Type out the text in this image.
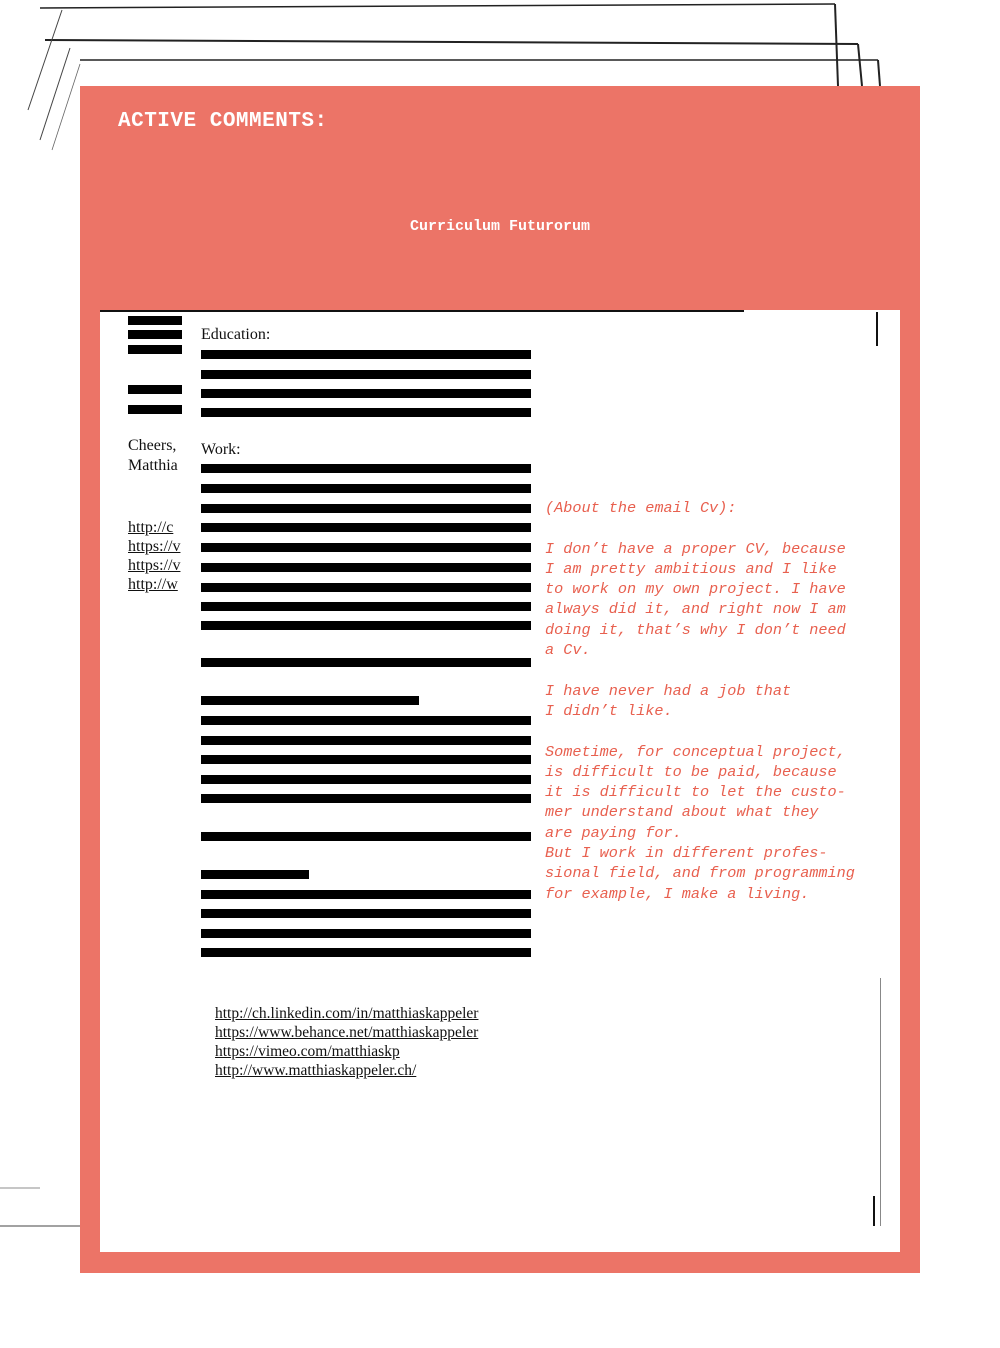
ACTIVE COMMENTS:
Curriculum Futurorum
Cheers,
Matthia
http://c
https://v
https://v
http://w
Education:
Work:
http://ch.linkedin.com/in/matthiaskappeler
https://www.behance.net/matthiaskappeler
https://vimeo.com/matthiaskp
http://www.matthiaskappeler.ch/

(About the email Cv):

I don’t have a proper CV, because
I am pretty ambitious and I like
to work on my own project. I have
always did it, and right now I am
doing it, that’s why I don’t need
a Cv.

I have never had a job that
I didn’t like.

Sometime, for conceptual project,
is difficult to be paid, because
it is difficult to let the custo-
mer understand about what they
are paying for.
But I work in different profes-
sional field, and from programming
for example, I make a living.
